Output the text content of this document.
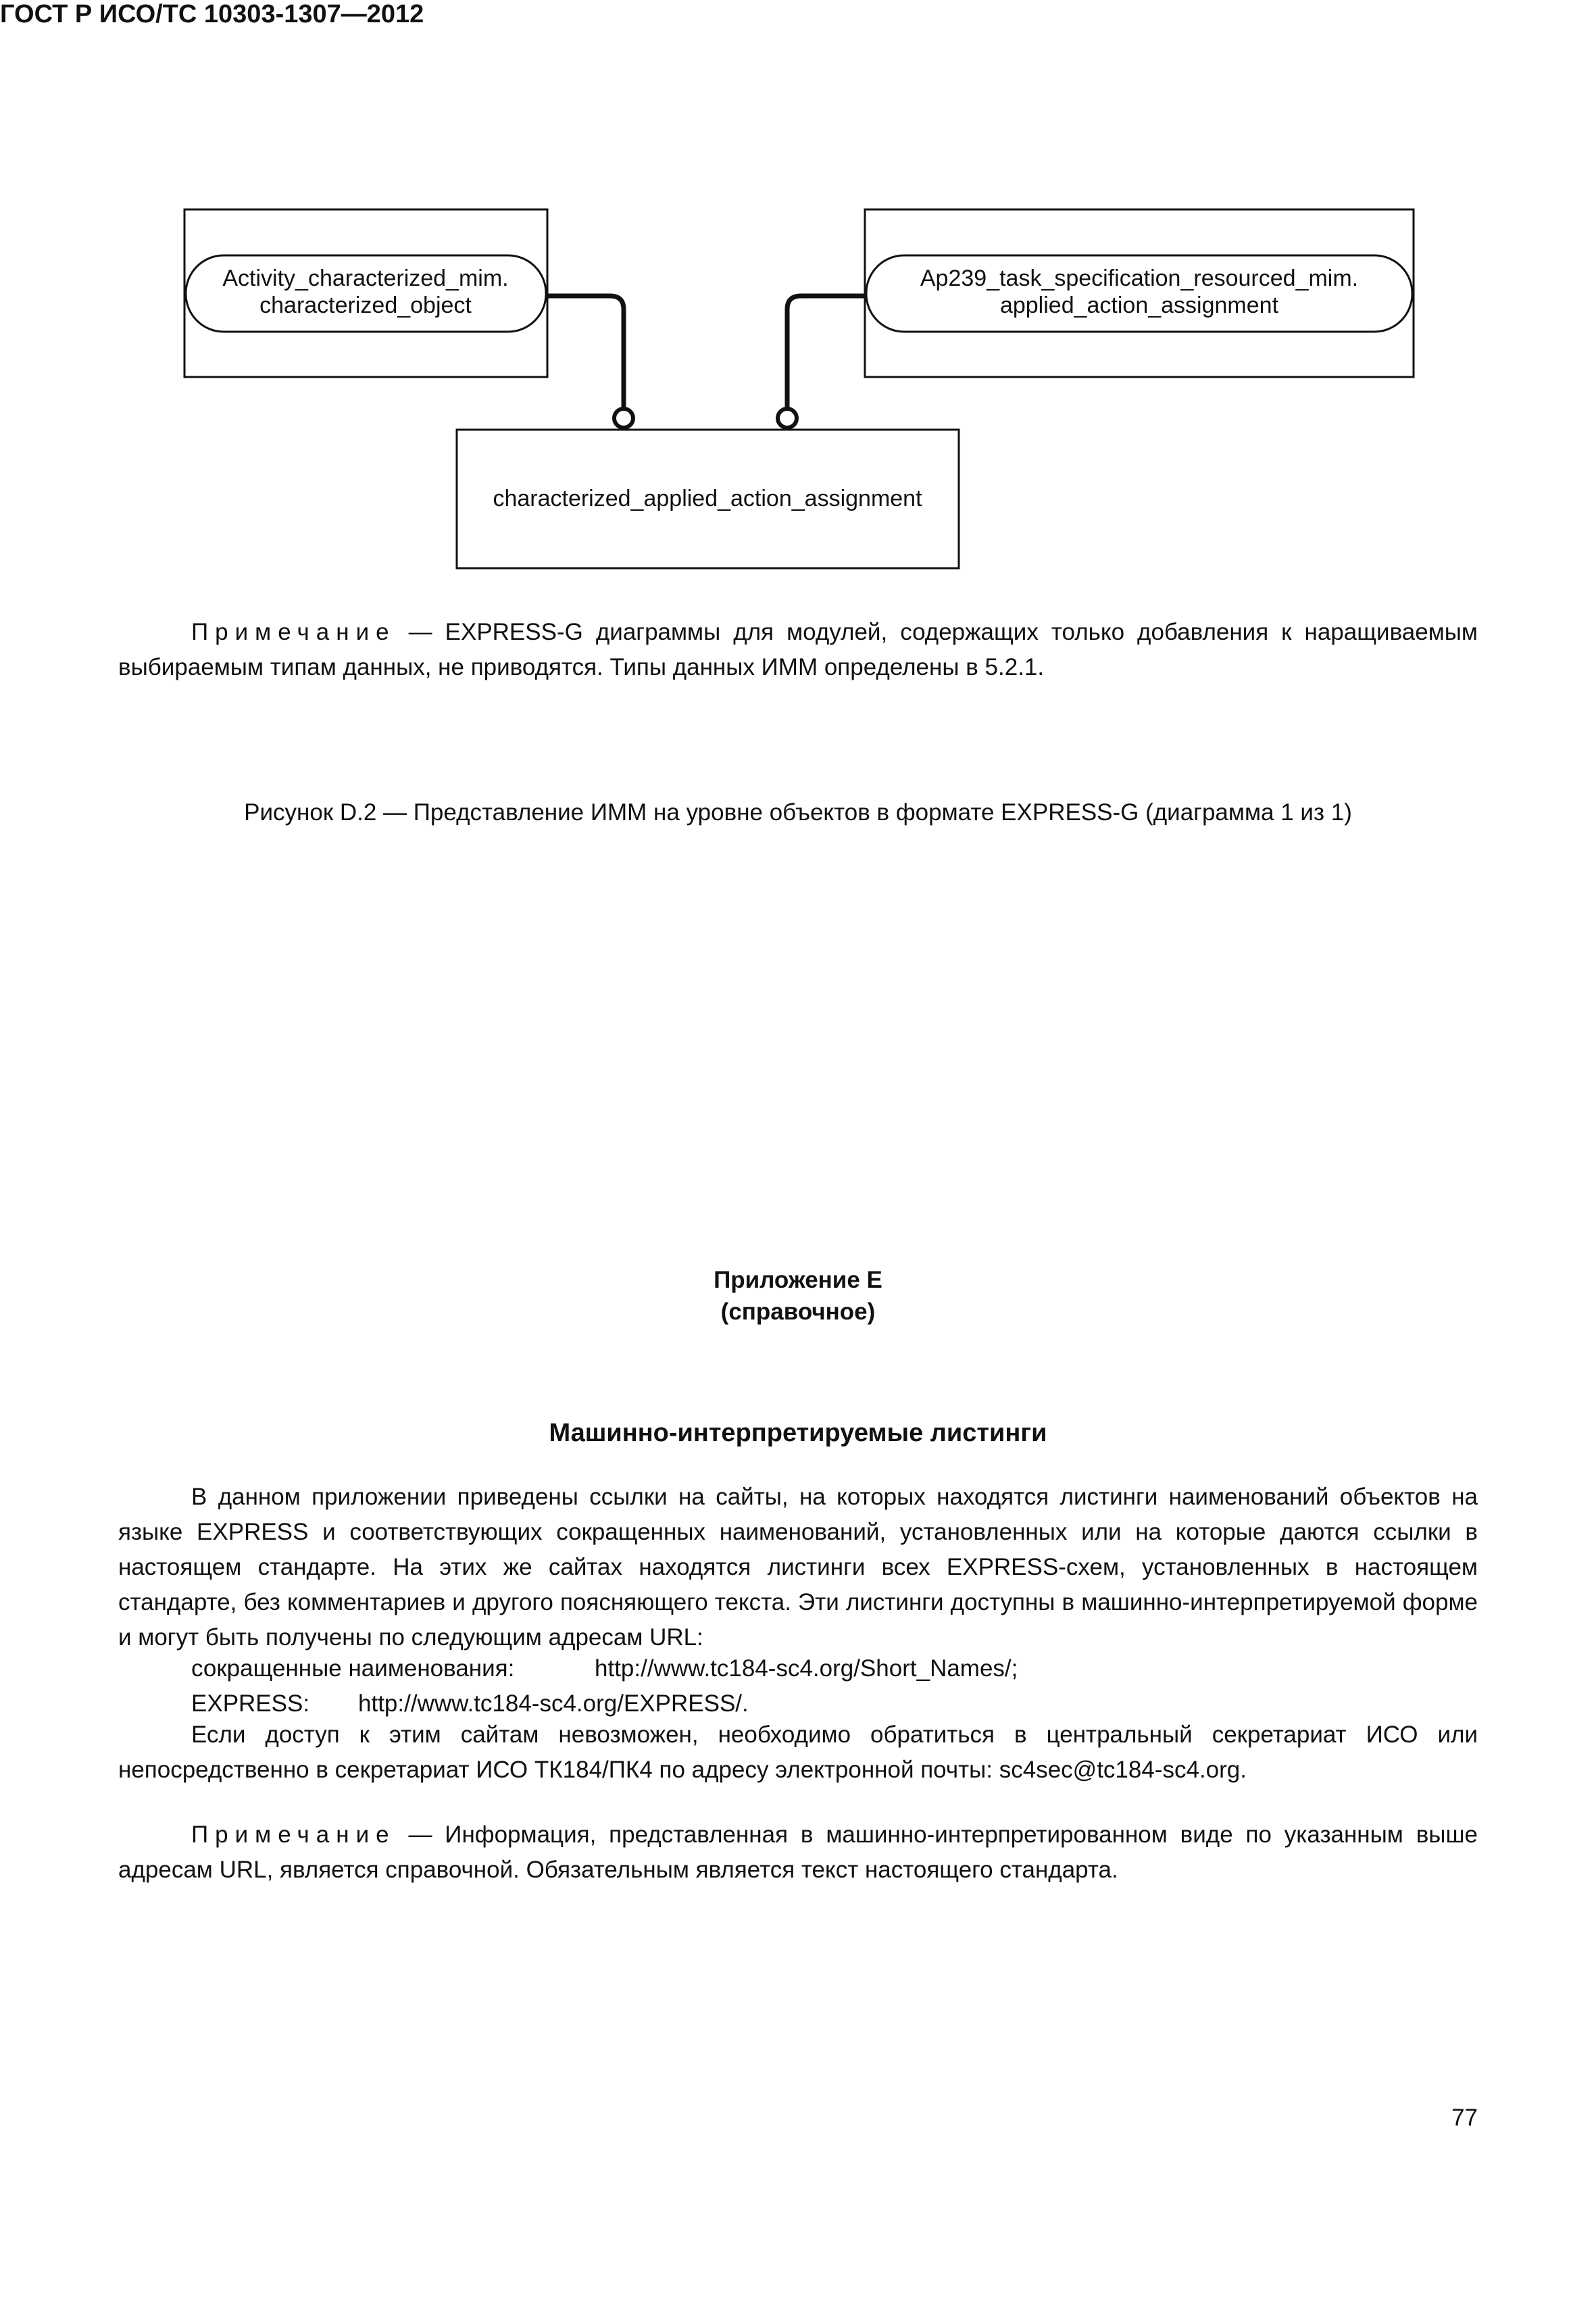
ГОСТ Р ИСО/ТС 10303-1307—2012
Activity_characterized_mim.
characterized_object
Ap239_task_specification_resourced_mim.
applied_action_assignment
characterized_applied_action_assignment

Примечание — EXPRESS-G диаграммы для модулей, содержащих только добавления к наращиваемым выбираемым типам данных, не приводятся. Типы данных ИММ определены в 5.2.1.

Рисунок D.2 — Представление ИММ на уровне объектов в формате EXPRESS-G (диаграмма 1 из 1)
Приложение Е
(справочное)
Машинно-интерпретируемые листинги

В данном приложении приведены ссылки на сайты, на которых находятся листинги наименований объектов на языке EXPRESS и соответствующих сокращенных наименований, установленных или на которые даются ссылки в настоящем стандарте. На этих же сайтах находятся листинги всех EXPRESS-схем, установленных в настоящем стандарте, без комментариев и другого поясняющего текста. Эти листинги доступны в машинно-интерпретируемой форме и могут быть получены по следующим адресам URL:

сокращенные наименования:	http://www.tc184-sc4.org/Short_Names/;
EXPRESS: http://www.tc184-sc4.org/EXPRESS/.

Если доступ к этим сайтам невозможен, необходимо обратиться в центральный секретариат ИСО или непосредственно в секретариат ИСО ТК184/ПК4 по адресу электронной почты: sc4sec@tc184-sc4.org.

Примечание — Информация, представленная в машинно-интерпретированном виде по указанным выше адресам URL, является справочной. Обязательным является текст настоящего стандарта.

77
